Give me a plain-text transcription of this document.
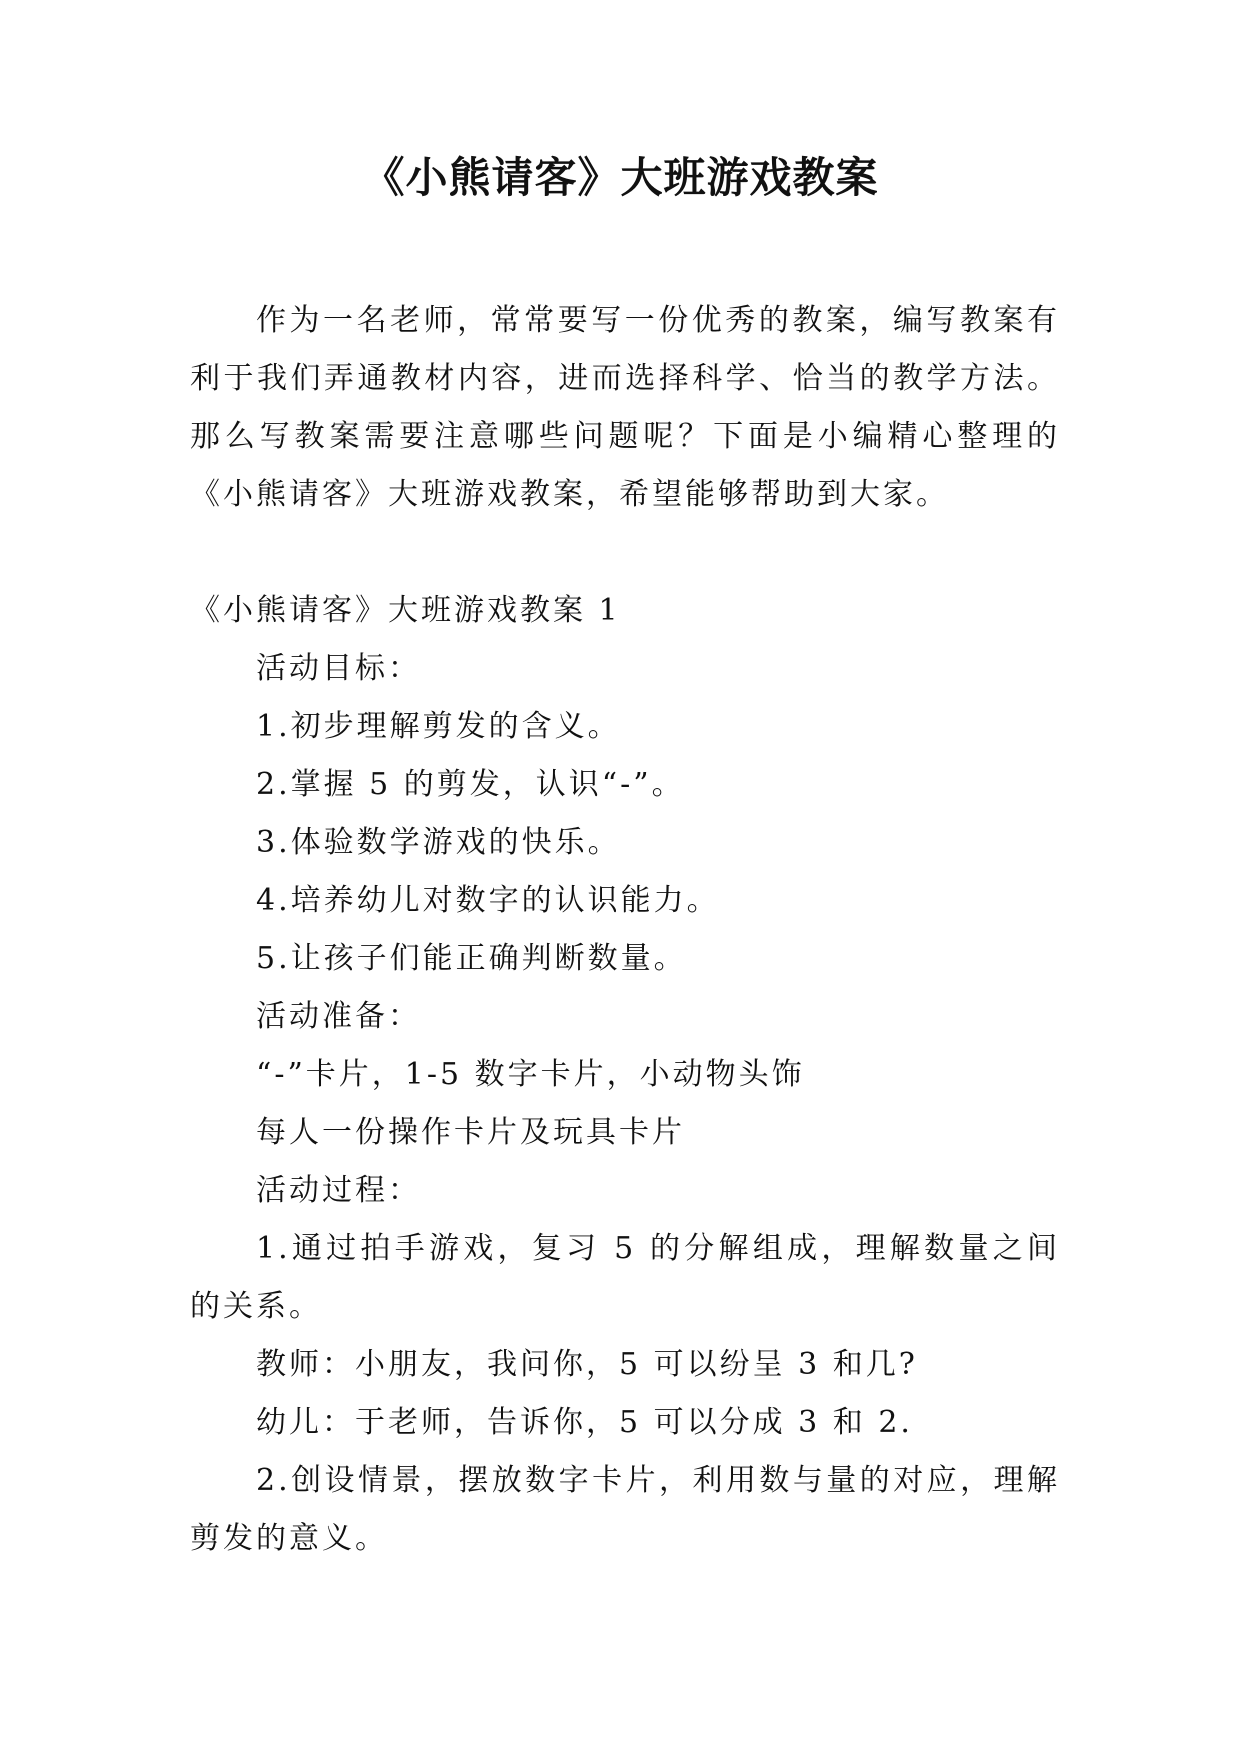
《小熊请客》大班游戏教案

作为一名老师，常常要写一份优秀的教案，编写教案有利于我们弄通教材内容，进而选择科学、恰当的教学方法。那么写教案需要注意哪些问题呢？下面是小编精心整理的《小熊请客》大班游戏教案，希望能够帮助到大家。

《小熊请客》大班游戏教案 1

活动目标：

1.初步理解剪发的含义。

2.掌握 5 的剪发，认识“-”。

3.体验数学游戏的快乐。

4.培养幼儿对数字的认识能力。

5.让孩子们能正确判断数量。

活动准备：

“-”卡片，1-5 数字卡片，小动物头饰

每人一份操作卡片及玩具卡片

活动过程：

1.通过拍手游戏，复习 5 的分解组成，理解数量之间的关系。

教师：小朋友，我问你，5 可以纷呈 3 和几?

幼儿：于老师，告诉你，5 可以分成 3 和 2.

2.创设情景，摆放数字卡片，利用数与量的对应，理解剪发的意义。
